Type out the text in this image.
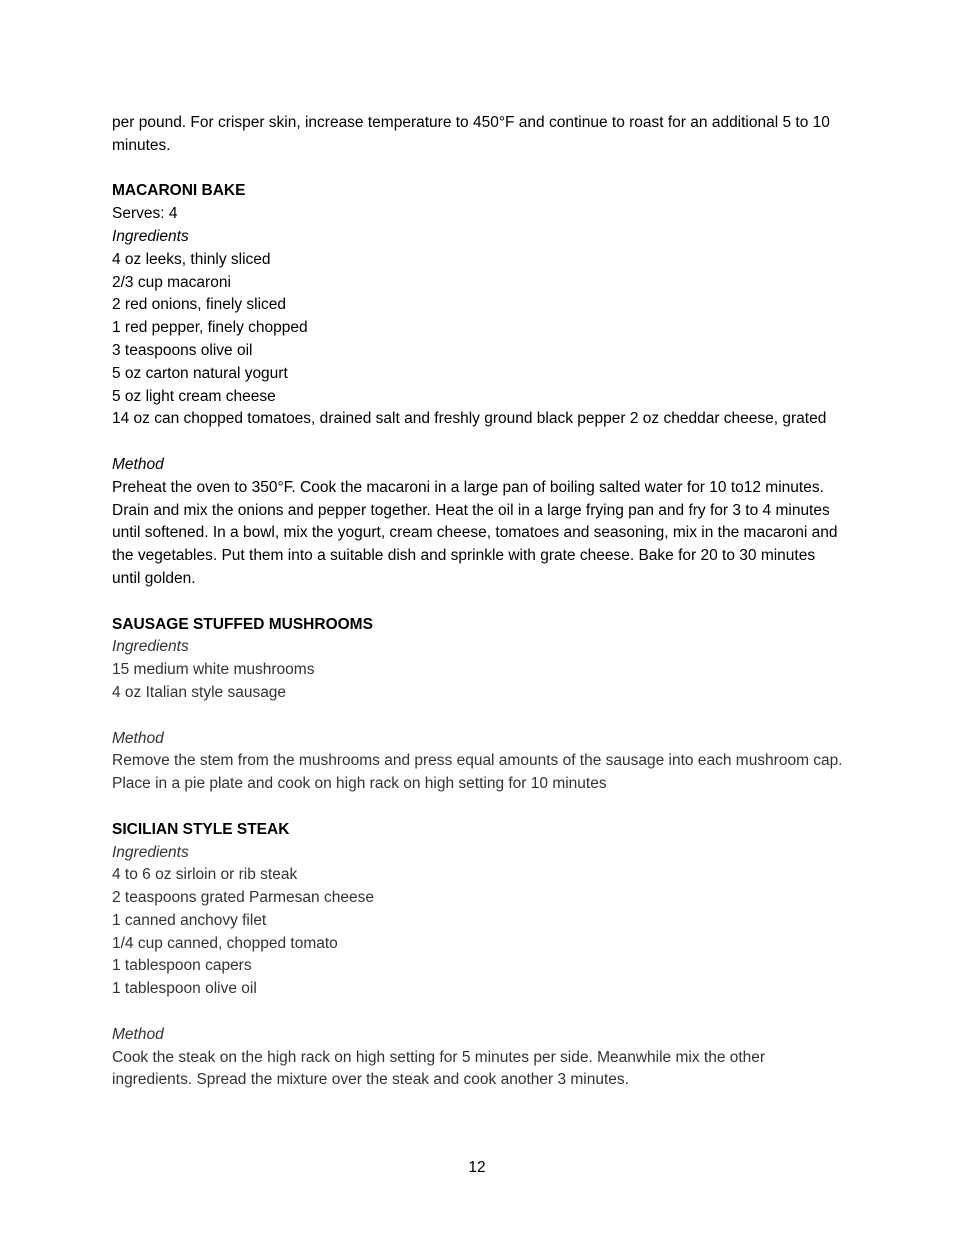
per pound. For crisper skin, increase temperature to 450°F and continue to roast for an additional 5 to 10 minutes.
MACARONI BAKE
Serves: 4
Ingredients
4 oz leeks, thinly sliced
2/3 cup macaroni
2 red onions, finely sliced
1 red pepper, finely chopped
3 teaspoons olive oil
5 oz carton natural yogurt
5 oz light cream cheese
14 oz can chopped tomatoes, drained salt and freshly ground black pepper 2 oz cheddar cheese, grated
Method
Preheat the oven to 350°F. Cook the macaroni in a large pan of boiling salted water for 10 to12 minutes. Drain and mix the onions and pepper together. Heat the oil in a large frying pan and fry for 3 to 4 minutes until softened. In a bowl, mix the yogurt, cream cheese, tomatoes and seasoning, mix in the macaroni and the vegetables. Put them into a suitable dish and sprinkle with grate cheese. Bake for 20 to 30 minutes until golden.
SAUSAGE STUFFED MUSHROOMS
Ingredients
15 medium white mushrooms
4 oz Italian style sausage
Method
Remove the stem from the mushrooms and press equal amounts of the sausage into each mushroom cap. Place in a pie plate and cook on high rack on high setting for 10 minutes
SICILIAN STYLE STEAK
Ingredients
4 to 6 oz sirloin or rib steak
2 teaspoons grated Parmesan cheese
1 canned anchovy filet
1/4 cup canned, chopped tomato
1 tablespoon capers
1 tablespoon olive oil
Method
Cook the steak on the high rack on high setting for 5 minutes per side. Meanwhile mix the other ingredients. Spread the mixture over the steak and cook another 3 minutes.
12
